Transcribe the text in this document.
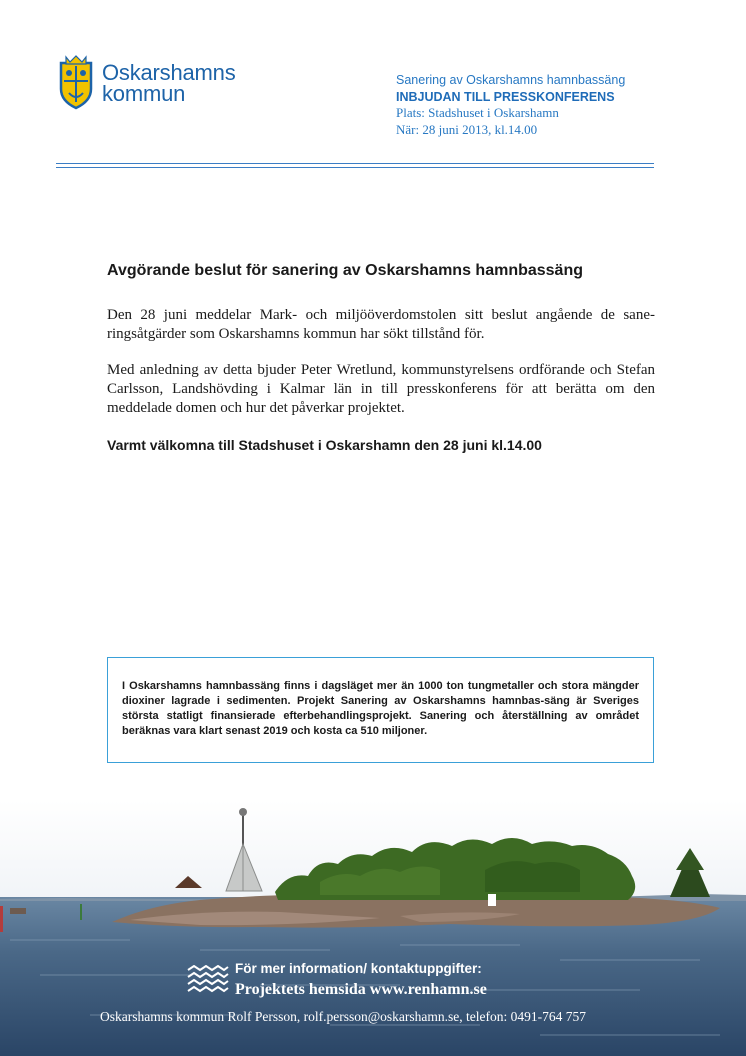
Oskarshamns
kommun
Sanering av Oskarshamns hamnbassäng
INBJUDAN TILL PRESSKONFERENS
Plats: Stadshuset i Oskarshamn
När: 28 juni 2013, kl.14.00
Avgörande beslut för sanering av Oskarshamns hamnbassäng

Den 28 juni meddelar Mark- och miljööverdomstolen sitt beslut angående de sane-ringsåtgärder som Oskarshamns kommun har sökt tillstånd för.

Med anledning av detta bjuder Peter Wretlund, kommunstyrelsens ordförande och Stefan Carlsson, Landshövding i Kalmar län in till presskonferens för att berätta om den meddelade domen och hur det påverkar projektet.

Varmt välkomna till Stadshuset i Oskarshamn den 28 juni kl.14.00

I Oskarshamns hamnbassäng finns i dagsläget mer än 1000 ton tungmetaller och stora mängder dioxiner lagrade i sedimenten. Projekt Sanering av Oskarshamns hamnbas-säng är Sveriges största statligt finansierade efterbehandlingsprojekt. Sanering och återställning av området beräknas vara klart senast 2019 och kosta ca 510 miljoner.

För mer information/ kontaktuppgifter:
Projektets hemsida www.renhamn.se
Oskarshamns kommun Rolf Persson, rolf.persson@oskarshamn.se, telefon: 0491-764 757
